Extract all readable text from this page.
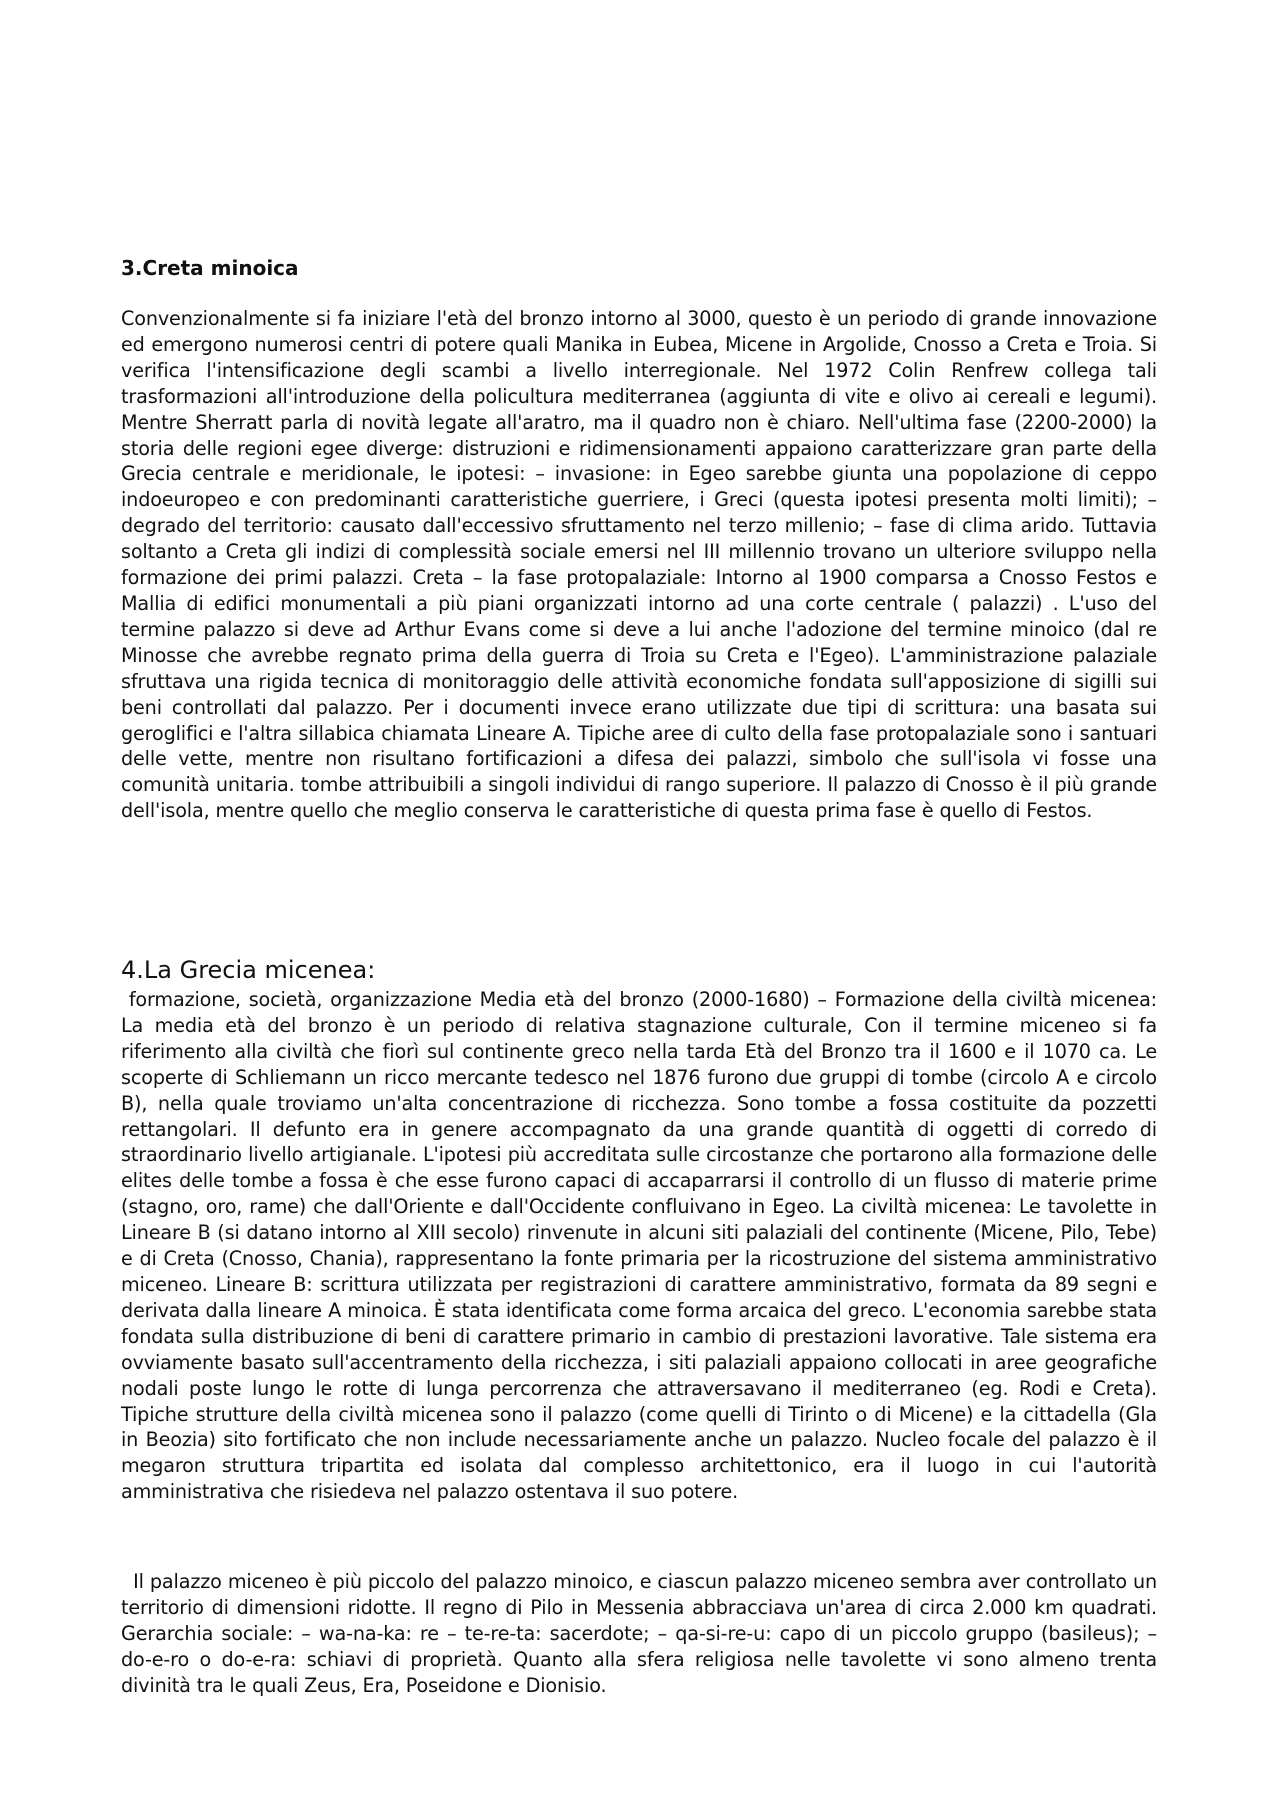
3.Creta minoica

Convenzionalmente si fa iniziare l'età del bronzo intorno al 3000, questo è un periodo di grande innovazione ed emergono numerosi centri di potere quali Manika in Eubea, Micene in Argolide, Cnosso a Creta e Troia. Si verifica l'intensificazione degli scambi a livello interregionale. Nel 1972 Colin Renfrew collega tali trasformazioni all'introduzione della policultura mediterranea (aggiunta di vite e olivo ai cereali e legumi). Mentre Sherratt parla di novità legate all'aratro, ma il quadro non è chiaro. Nell'ultima fase (2200-2000) la storia delle regioni egee diverge: distruzioni e ridimensionamenti appaiono caratterizzare gran parte della Grecia centrale e meridionale, le ipotesi: – invasione: in Egeo sarebbe giunta una popolazione di ceppo indoeuropeo e con predominanti caratteristiche guerriere, i Greci (questa ipotesi presenta molti limiti); – degrado del territorio: causato dall'eccessivo sfruttamento nel terzo millenio; – fase di clima arido. Tuttavia soltanto a Creta gli indizi di complessità sociale emersi nel III millennio trovano un ulteriore sviluppo nella formazione dei primi palazzi. Creta – la fase protopalaziale: Intorno al 1900 comparsa a Cnosso Festos e Mallia di edifici monumentali a più piani organizzati intorno ad una corte centrale ( palazzi) . L'uso del termine palazzo si deve ad Arthur Evans come si deve a lui anche l'adozione del termine minoico (dal re Minosse che avrebbe regnato prima della guerra di Troia su Creta e l'Egeo). L'amministrazione palaziale sfruttava una rigida tecnica di monitoraggio delle attività economiche fondata sull'apposizione di sigilli sui beni controllati dal palazzo. Per i documenti invece erano utilizzate due tipi di scrittura: una basata sui geroglifici e l'altra sillabica chiamata Lineare A. Tipiche aree di culto della fase protopalaziale sono i santuari delle vette, mentre non risultano fortificazioni a difesa dei palazzi, simbolo che sull'isola vi fosse una comunità unitaria. tombe attribuibili a singoli individui di rango superiore. Il palazzo di Cnosso è il più grande dell'isola, mentre quello che meglio conserva le caratteristiche di questa prima fase è quello di Festos.

4.La Grecia micenea:

formazione, società, organizzazione Media età del bronzo (2000-1680) – Formazione della civiltà micenea: La media età del bronzo è un periodo di relativa stagnazione culturale, Con il termine miceneo si fa riferimento alla civiltà che fiorì sul continente greco nella tarda Età del Bronzo tra il 1600 e il 1070 ca. Le scoperte di Schliemann un ricco mercante tedesco nel 1876 furono due gruppi di tombe (circolo A e circolo B), nella quale troviamo un'alta concentrazione di ricchezza. Sono tombe a fossa costituite da pozzetti rettangolari. Il defunto era in genere accompagnato da una grande quantità di oggetti di corredo di straordinario livello artigianale. L'ipotesi più accreditata sulle circostanze che portarono alla formazione delle elites delle tombe a fossa è che esse furono capaci di accaparrarsi il controllo di un flusso di materie prime (stagno, oro, rame) che dall'Oriente e dall'Occidente confluivano in Egeo. La civiltà micenea: Le tavolette in Lineare B (si datano intorno al XIII secolo) rinvenute in alcuni siti palaziali del continente (Micene, Pilo, Tebe) e di Creta (Cnosso, Chania), rappresentano la fonte primaria per la ricostruzione del sistema amministrativo miceneo. Lineare B: scrittura utilizzata per registrazioni di carattere amministrativo, formata da 89 segni e derivata dalla lineare A minoica. È stata identificata come forma arcaica del greco. L'economia sarebbe stata fondata sulla distribuzione di beni di carattere primario in cambio di prestazioni lavorative. Tale sistema era ovviamente basato sull'accentramento della ricchezza, i siti palaziali appaiono collocati in aree geografiche nodali poste lungo le rotte di lunga percorrenza che attraversavano il mediterraneo (eg. Rodi e Creta). Tipiche strutture della civiltà micenea sono il palazzo (come quelli di Tirinto o di Micene) e la cittadella (Gla in Beozia) sito fortificato che non include necessariamente anche un palazzo. Nucleo focale del palazzo è il megaron struttura tripartita ed isolata dal complesso architettonico, era il luogo in cui l'autorità amministrativa che risiedeva nel palazzo ostentava il suo potere.

Il palazzo miceneo è più piccolo del palazzo minoico, e ciascun palazzo miceneo sembra aver controllato un territorio di dimensioni ridotte. Il regno di Pilo in Messenia abbracciava un'area di circa 2.000 km quadrati. Gerarchia sociale: – wa-na-ka: re – te-re-ta: sacerdote; – qa-si-re-u: capo di un piccolo gruppo (basileus); – do-e-ro o do-e-ra: schiavi di proprietà. Quanto alla sfera religiosa nelle tavolette vi sono almeno trenta divinità tra le quali Zeus, Era, Poseidone e Dionisio.
